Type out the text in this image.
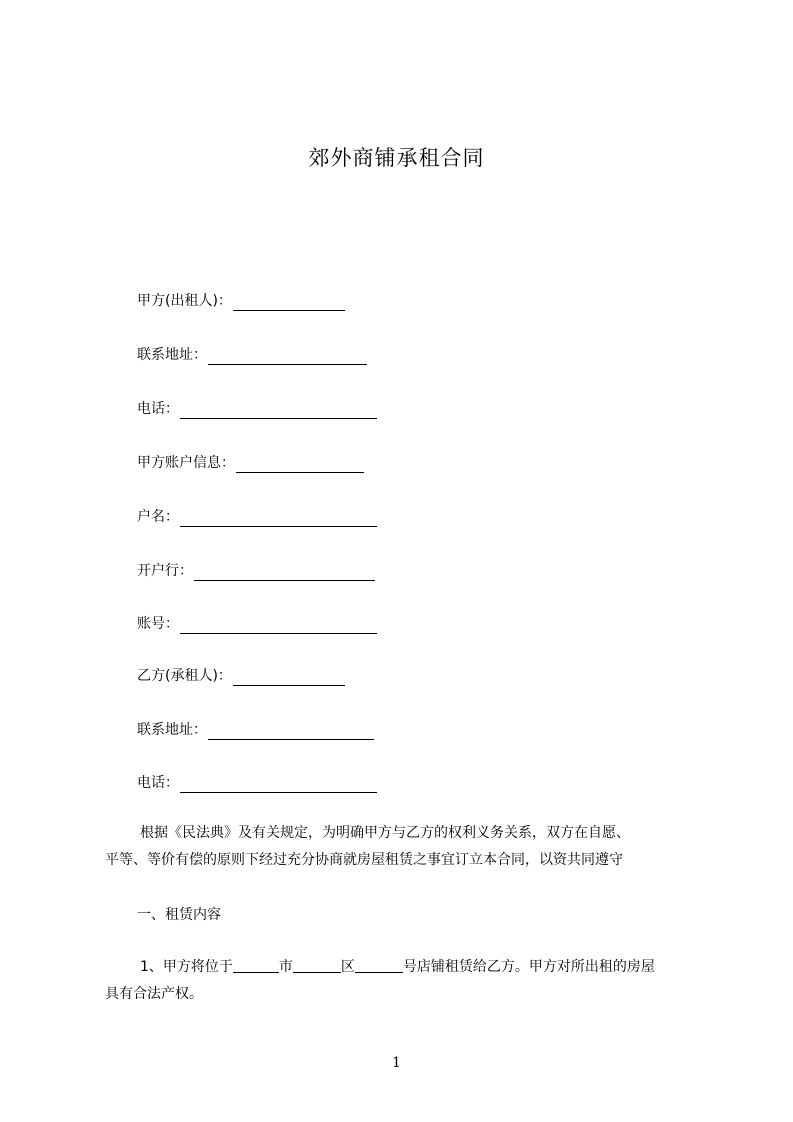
郊外商铺承租合同
甲方(出租人)：
联系地址：
电话：
甲方账户信息：
户名：
开户行：
账号：
乙方(承租人)：
联系地址：
电话：
根据《民法典》及有关规定，为明确甲方与乙方的权利义务关系，双方在自愿、
平等、等价有偿的原则下经过充分协商就房屋租赁之事宜订立本合同，以资共同遵守
一、租赁内容
1、甲方将位于	市	区	号店铺租赁给乙方。甲方对所出租的房屋
具有合法产权。
1
